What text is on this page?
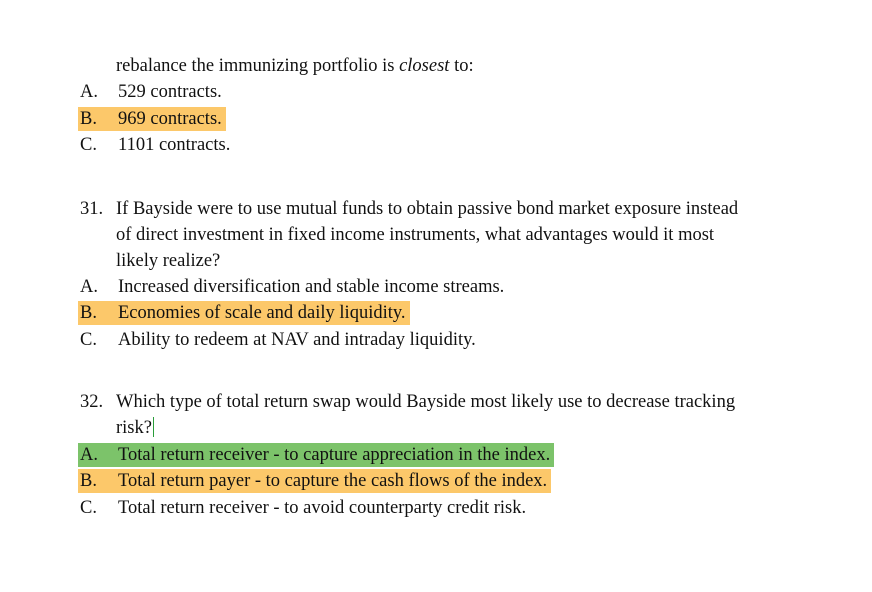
rebalance the immunizing portfolio is closest to:
A. 529 contracts.
B. 969 contracts.
C. 1101 contracts.
31. If Bayside were to use mutual funds to obtain passive bond market exposure instead
of direct investment in fixed income instruments, what advantages would it most
likely realize?
A. Increased diversification and stable income streams.
B. Economies of scale and daily liquidity.
C. Ability to redeem at NAV and intraday liquidity.
32. Which type of total return swap would Bayside most likely use to decrease tracking
risk?
A. Total return receiver - to capture appreciation in the index.
B. Total return payer - to capture the cash flows of the index.
C. Total return receiver - to avoid counterparty credit risk.
